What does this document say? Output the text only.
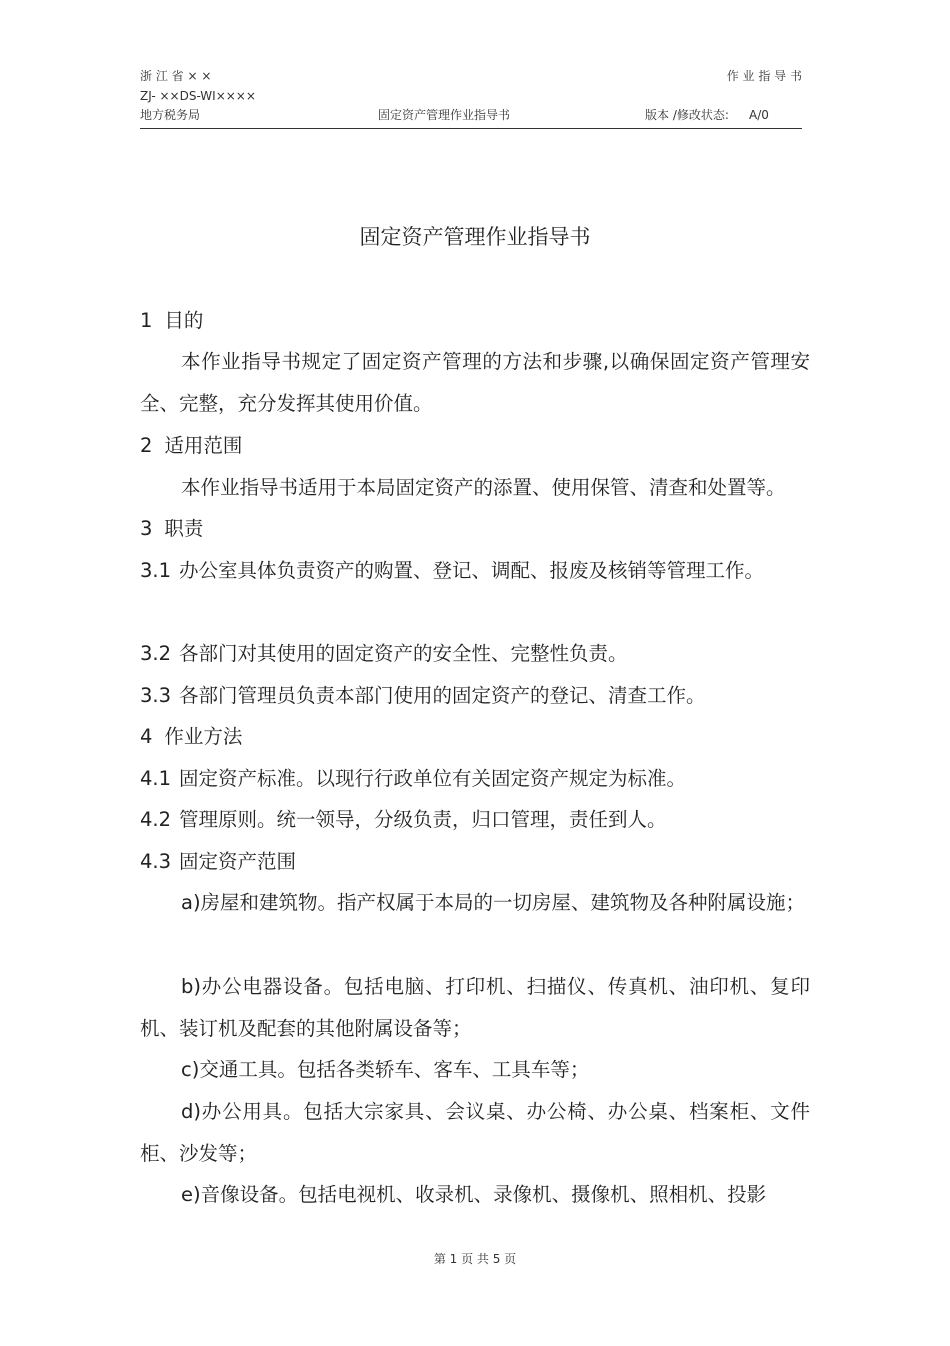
浙 江 省 × ×	作 业 指 导 书
ZJ- ××DS-WI××××
地方税务局	固定资产管理作业指导书	版本 /修改状态: A/0
固定资产管理作业指导书
1 目的
本作业指导书规定了固定资产管理的方法和步骤,以确保固定资产管理安全、完整，充分发挥其使用价值。
2 适用范围
本作业指导书适用于本局固定资产的添置、使用保管、清查和处置等。
3 职责
3.1 办公室具体负责资产的购置、登记、调配、报废及核销等管理工作。
3.2 各部门对其使用的固定资产的安全性、完整性负责。
3.3 各部门管理员负责本部门使用的固定资产的登记、清查工作。
4 作业方法
4.1 固定资产标准。以现行行政单位有关固定资产规定为标准。
4.2 管理原则。统一领导，分级负责，归口管理，责任到人。
4.3 固定资产范围
a)房屋和建筑物。指产权属于本局的一切房屋、建筑物及各种附属设施；
b)办公电器设备。包括电脑、打印机、扫描仪、传真机、油印机、复印机、装订机及配套的其他附属设备等；
c)交通工具。包括各类轿车、客车、工具车等；
d)办公用具。包括大宗家具、会议桌、办公椅、办公桌、档案柜、文件柜、沙发等；
e)音像设备。包括电视机、收录机、录像机、摄像机、照相机、投影
第 1 页 共 5 页
